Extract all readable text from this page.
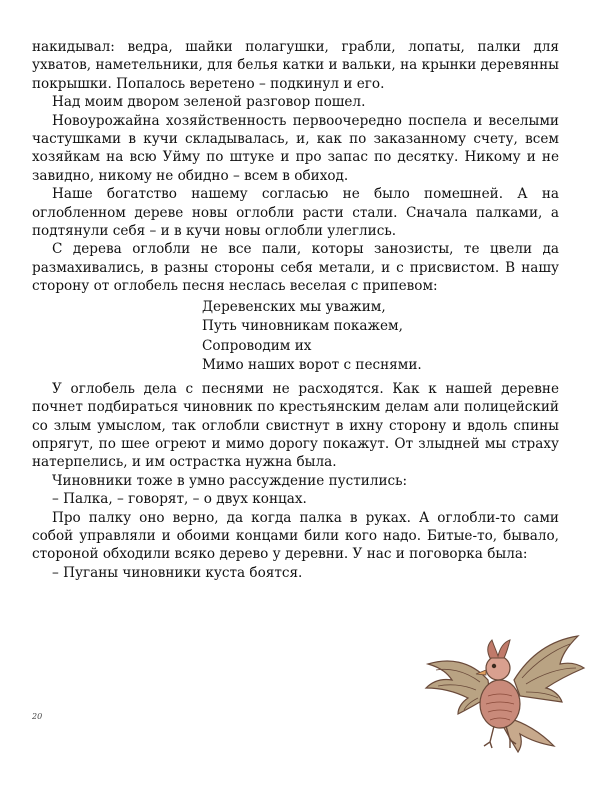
накидывал: ведра, шайки полагушки, грабли, лопаты, палки для ухватов, наметельники, для белья катки и вальки, на крынки деревянны покрышки. Попалось веретено – подкинул и его.

Над моим двором зеленой разговор пошел.

Новоурожайна хозяйственность первоочередно поспела и веселыми частушками в кучи складывалась, и, как по заказанному счету, всем хозяйкам на всю Уйму по штуке и про запас по десятку. Никому и не завидно, никому не обидно – всем в обиход.

Наше богатство нашему согласью не было помешней. А на оглобленном дереве новы оглобли расти стали. Сначала палками, а подтянули себя – и в кучи новы оглобли улеглись.

С дерева оглобли не все пали, которы занозисты, те цвели да размахивались, в разны стороны себя метали, и с присвистом. В нашу сторону от оглобель песня неслась веселая с припевом:

Деревенских мы уважим,
Путь чиновникам покажем,
Сопроводим их
Мимо наших ворот с песнями.

У оглобель дела с песнями не расходятся. Как к нашей деревне почнет подбираться чиновник по крестьянским делам али полицейский со злым умыслом, так оглобли свистнут в ихну сторону и вдоль спины опрягут, по шее огреют и мимо дорогу покажут. От злыдней мы страху натерпелись, и им острастка нужна была.

Чиновники тоже в умно рассуждение пустились:

– Палка, – говорят, – о двух концах.

Про палку оно верно, да когда палка в руках. А оглобли-то сами собой управляли и обоими концами били кого надо. Битые-то, бывало, стороной обходили всяко дерево у деревни. У нас и поговорка была:

– Пуганы чиновники куста боятся.

20
